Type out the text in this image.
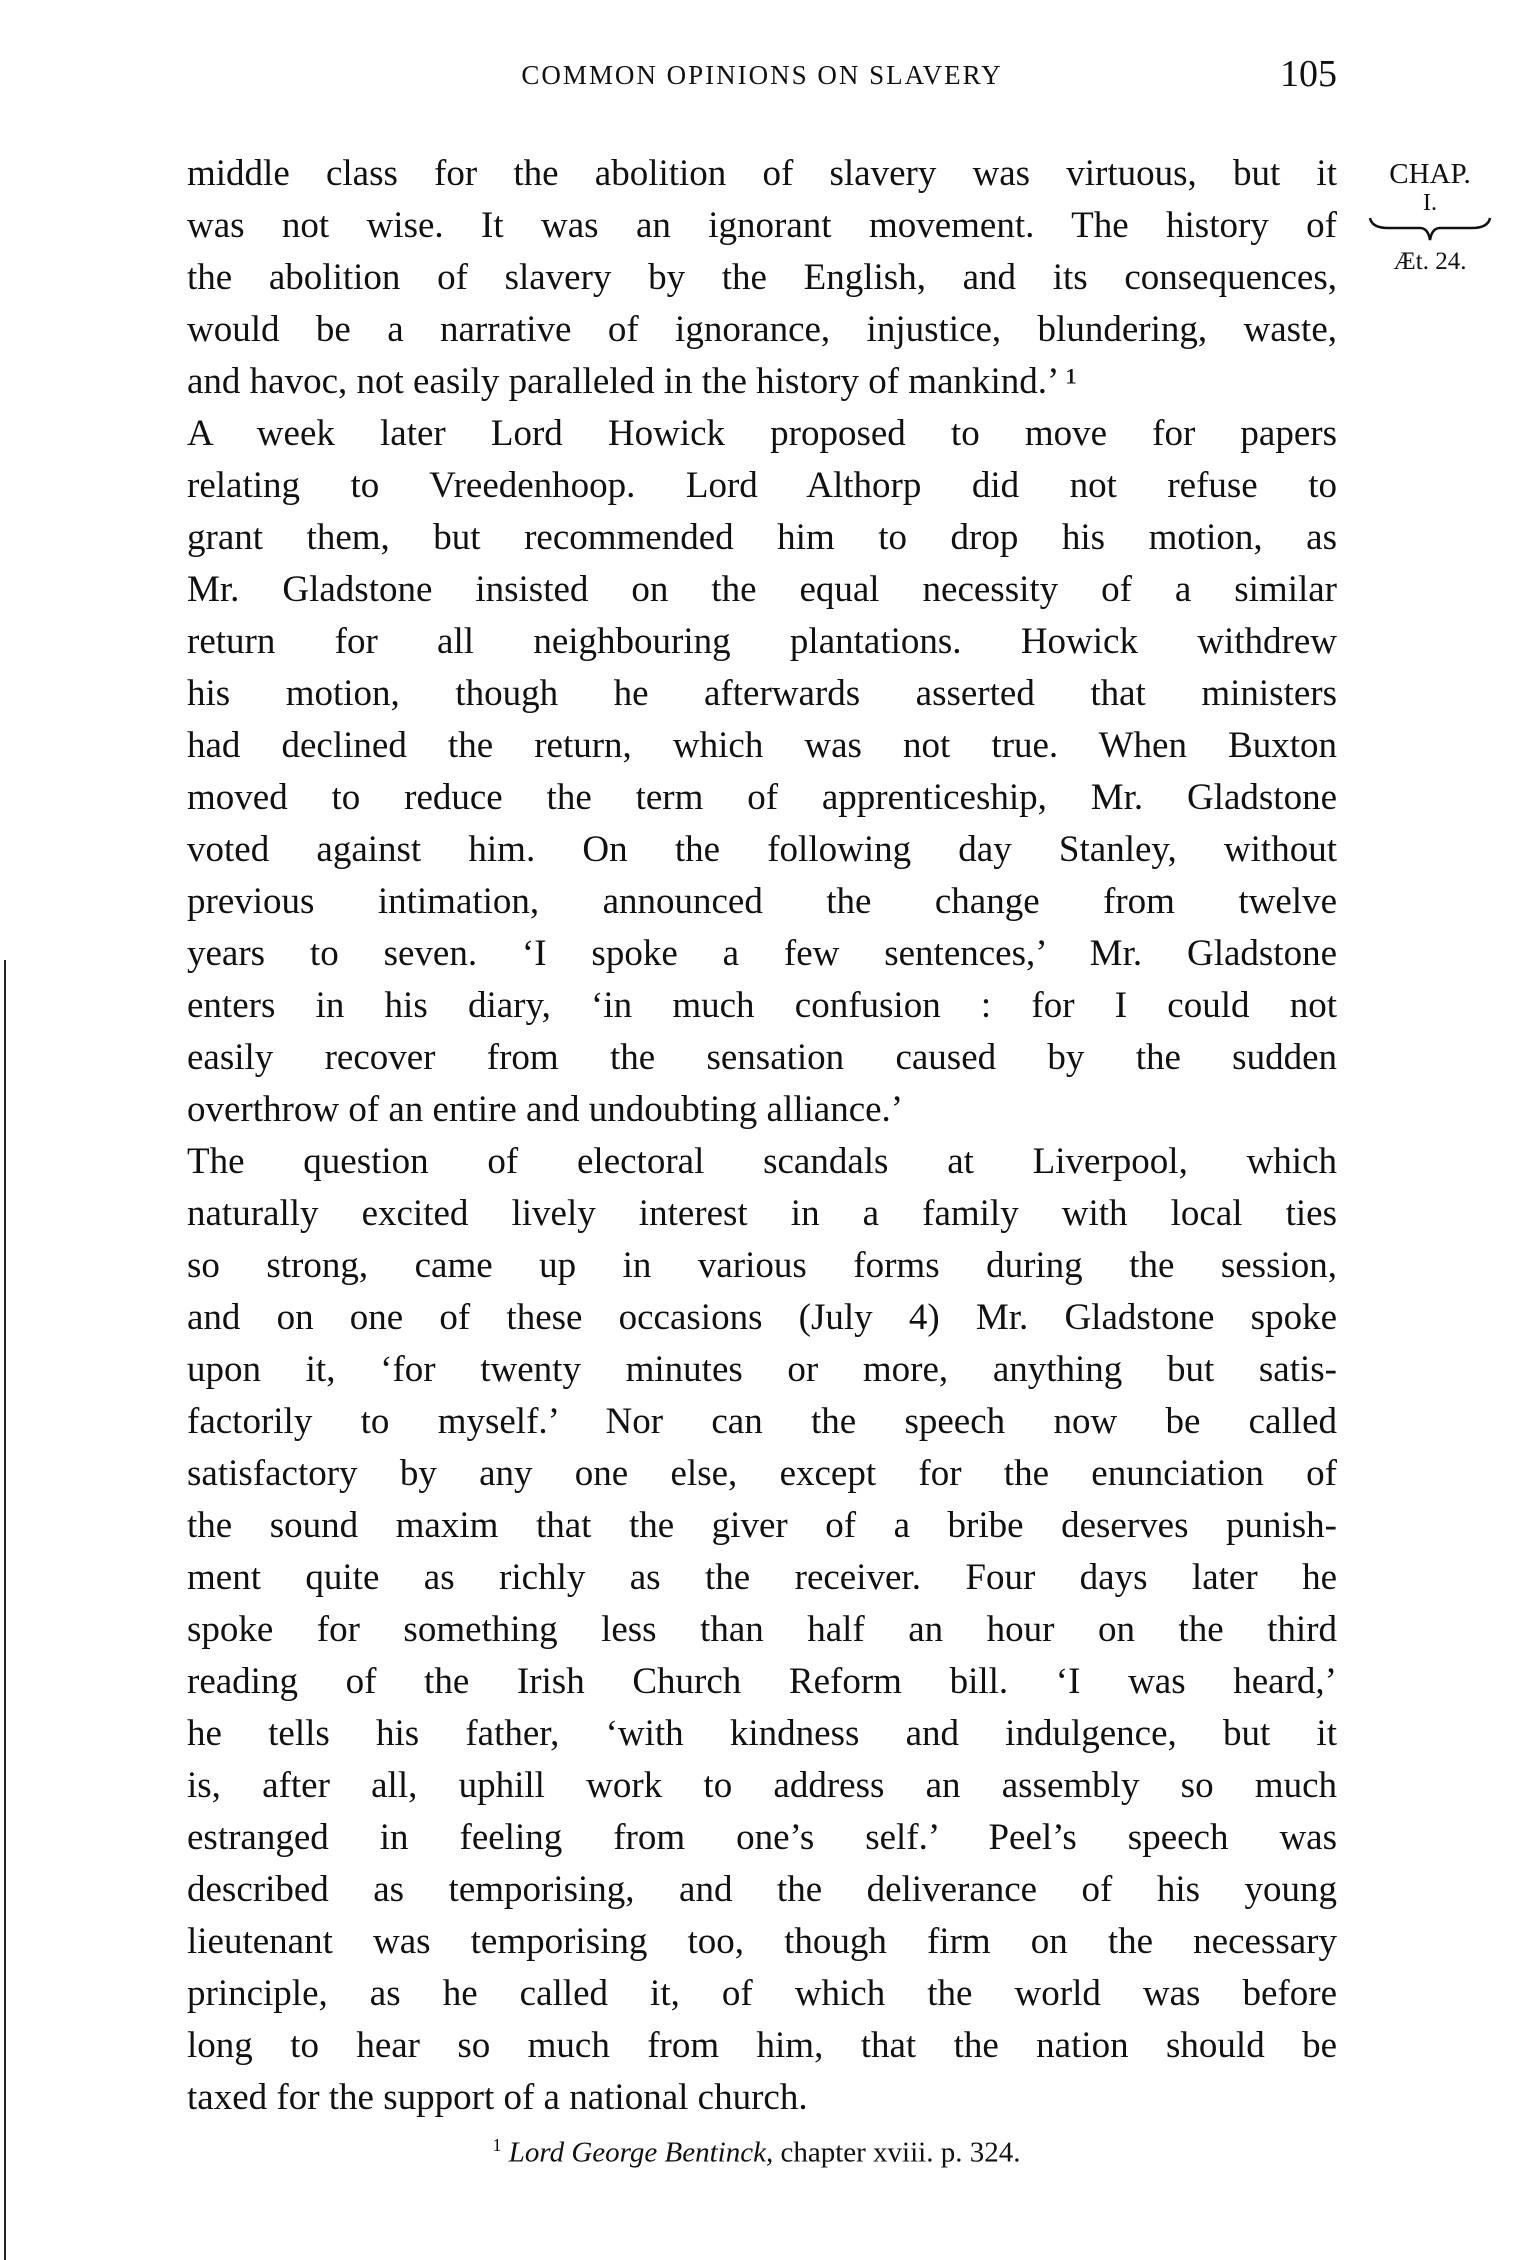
COMMON OPINIONS ON SLAVERY	105
CHAP.
I.
Æt. 24.
middle class for the abolition of slavery was virtuous, but it
was not wise. It was an ignorant movement. The history of
the abolition of slavery by the English, and its consequences,
would be a narrative of ignorance, injustice, blundering, waste,
and havoc, not easily paralleled in the history of mankind.’ ¹
A week later Lord Howick proposed to move for papers
relating to Vreedenhoop. Lord Althorp did not refuse to
grant them, but recommended him to drop his motion, as
Mr. Gladstone insisted on the equal necessity of a similar
return for all neighbouring plantations. Howick withdrew
his motion, though he afterwards asserted that ministers
had declined the return, which was not true. When Buxton
moved to reduce the term of apprenticeship, Mr. Gladstone
voted against him. On the following day Stanley, without
previous intimation, announced the change from twelve
years to seven. ‘I spoke a few sentences,’ Mr. Gladstone
enters in his diary, ‘in much confusion : for I could not
easily recover from the sensation caused by the sudden
overthrow of an entire and undoubting alliance.’
The question of electoral scandals at Liverpool, which
naturally excited lively interest in a family with local ties
so strong, came up in various forms during the session,
and on one of these occasions (July 4) Mr. Gladstone spoke
upon it, ‘for twenty minutes or more, anything but satis-
factorily to myself.’ Nor can the speech now be called
satisfactory by any one else, except for the enunciation of
the sound maxim that the giver of a bribe deserves punish-
ment quite as richly as the receiver. Four days later he
spoke for something less than half an hour on the third
reading of the Irish Church Reform bill. ‘I was heard,’
he tells his father, ‘with kindness and indulgence, but it
is, after all, uphill work to address an assembly so much
estranged in feeling from one’s self.’ Peel’s speech was
described as temporising, and the deliverance of his young
lieutenant was temporising too, though firm on the necessary
principle, as he called it, of which the world was before
long to hear so much from him, that the nation should be
taxed for the support of a national church.
$^1$ Lord George Bentinck, chapter xviii. p. 324.
